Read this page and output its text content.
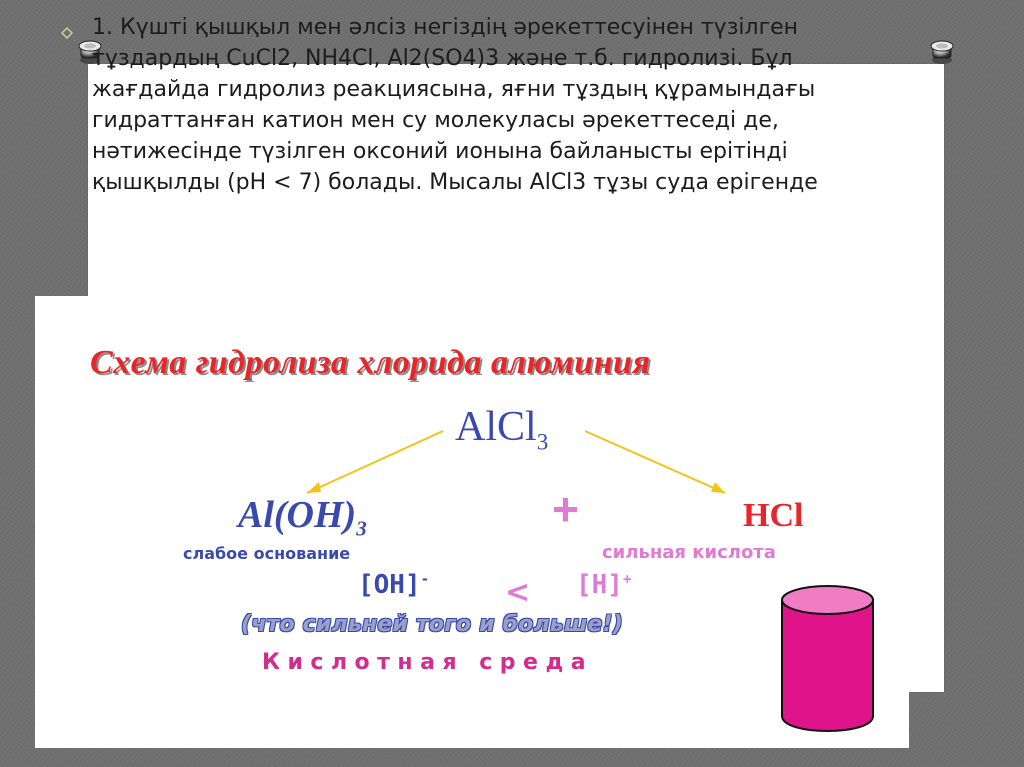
1. Күшті қышқыл мен әлсіз негіздің әрекеттесуінен түзілген тұздардың CuCl2, NH4Cl, Al2(SO4)3 және т.б. гидролизі. Бұл жағдайда гидролиз реакциясына, яғни тұздың құрамындағы гидраттанған катион мен су молекуласы әрекеттеседі де, нәтижесінде түзілген оксоний ионына байланысты ерітінді қышқылды (pH < 7) болады. Мысалы AlCl3 тұзы суда ерігенде

Схема гидролиза хлорида алюминия
AlCl$_3$
$Al(OH)_3$	+	HCl
слабое основание	сильная кислота
[OH]-	< [H]+
(что сильней того и больше!)
Кислотная среда
